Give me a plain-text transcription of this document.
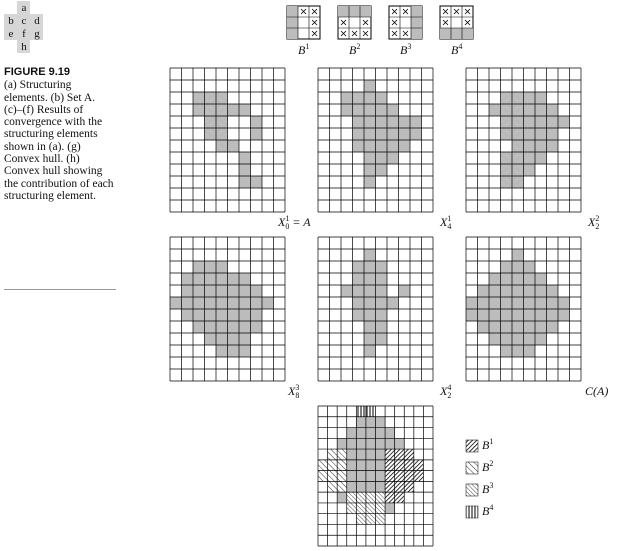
a
b c d
e f g
h
FIGURE 9.19
(a) Structuring elements. (b) Set A. (c)–(f) Results of convergence with the structuring elements shown in (a). (g) Convex hull. (h) Convex hull showing the contribution of each structuring element.
$B^1$	$B^2$	$B^3$	$B^4$
X 1
0 = A	X 1
4	X 2
2
X 3
8	X 4
2	C(A)
$B^1$
$B^2$
$B^3$
$B^4$
